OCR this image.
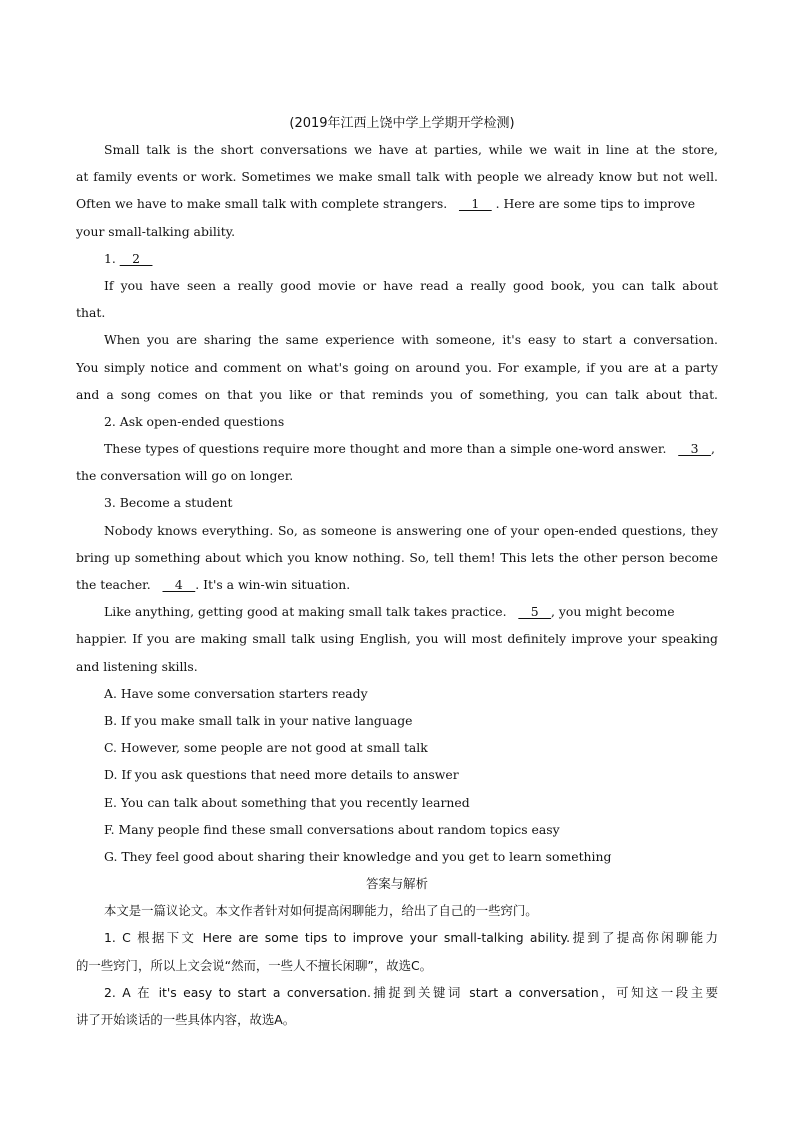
(2019年江西上饶中学上学期开学检测)
Small talk is the short conversations we have at parties, while we wait in line at the store,
at family events or work. Sometimes we make small talk with people we already know but not well.
Often we have to make small talk with complete strangers. __1__ . Here are some tips to improve
your small-talking ability.
1. __2__
If you have seen a really good movie or have read a really good book, you can talk about
that.
When you are sharing the same experience with someone, it's easy to start a conversation.
You simply notice and comment on what's going on around you. For example, if you are at a party
and a song comes on that you like or that reminds you of something, you can talk about that.
2. Ask open-ended questions
These types of questions require more thought and more than a simple one-word answer. __3__,
the conversation will go on longer.
3. Become a student
Nobody knows everything. So, as someone is answering one of your open-ended questions, they
bring up something about which you know nothing. So, tell them! This lets the other person become
the teacher. __4__. It's a win-win situation.
Like anything, getting good at making small talk takes practice. __5__, you might become
happier. If you are making small talk using English, you will most definitely improve your speaking
and listening skills.
A. Have some conversation starters ready
B. If you make small talk in your native language
C. However, some people are not good at small talk
D. If you ask questions that need more details to answer
E. You can talk about something that you recently learned
F. Many people find these small conversations about random topics easy
G. They feel good about sharing their knowledge and you get to learn something
答案与解析
本文是一篇议论文。本文作者针对如何提高闲聊能力，给出了自己的一些窍门。
1. C 根据下文 Here are some tips to improve your small-talking ability.提到了提高你闲聊能力
的一些窍门，所以上文会说“然而，一些人不擅长闲聊”，故选C。
2. A 在 it's easy to start a conversation.捕捉到关键词 start a conversation，可知这一段主要
讲了开始谈话的一些具体内容，故选A。
